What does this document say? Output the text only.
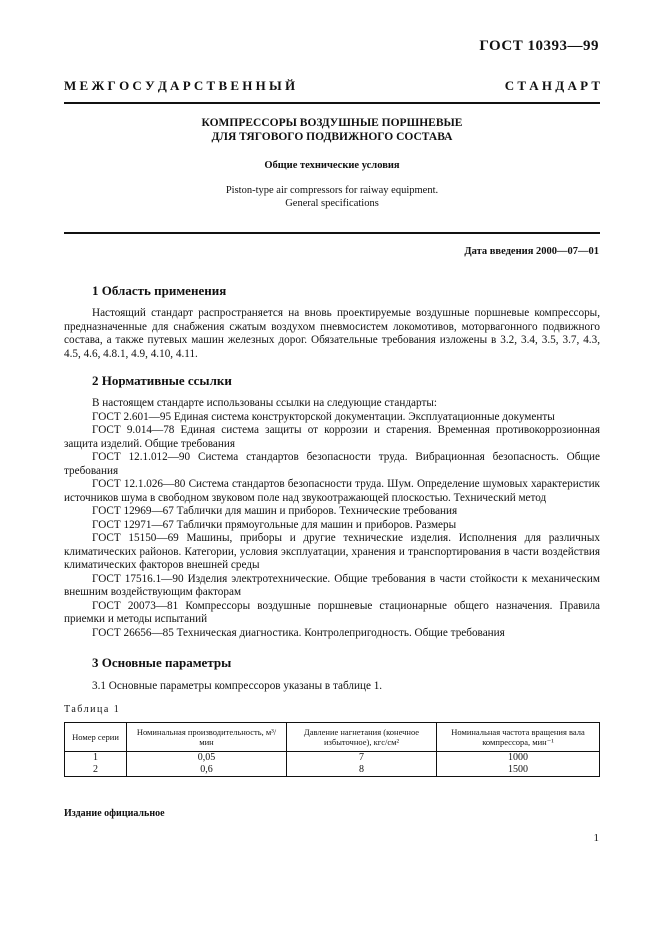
ГОСТ 10393—99
М Е Ж Г О С У Д А Р С Т В Е Н Н Ы Й	С Т А Н Д А Р Т
КОМПРЕССОРЫ ВОЗДУШНЫЕ ПОРШНЕВЫЕ
ДЛЯ ТЯГОВОГО ПОДВИЖНОГО СОСТАВА
Общие технические условия
Piston-type air compressors for raiway equipment.
General specifications
Дата введения 2000—07—01
1 Область применения

Настоящий стандарт распространяется на вновь проектируемые воздушные поршневые компрессоры, предназначенные для снабжения сжатым воздухом пневмосистем локомотивов, моторвагонного подвижного состава, а также путевых машин железных дорог. Обязательные требования изложены в 3.2, 3.4, 3.5, 3.7, 4.3, 4.5, 4.6, 4.8.1, 4.9, 4.10, 4.11.

2 Нормативные ссылки

В настоящем стандарте использованы ссылки на следующие стандарты:

ГОСТ 2.601—95 Единая система конструкторской документации. Эксплуатационные документы

ГОСТ 9.014—78 Единая система защиты от коррозии и старения. Временная противокоррозионная защита изделий. Общие требования

ГОСТ 12.1.012—90 Система стандартов безопасности труда. Вибрационная безопасность. Общие требования

ГОСТ 12.1.026—80 Система стандартов безопасности труда. Шум. Определение шумовых характеристик источников шума в свободном звуковом поле над звукоотражающей плоскостью. Технический метод

ГОСТ 12969—67 Таблички для машин и приборов. Технические требования

ГОСТ 12971—67 Таблички прямоугольные для машин и приборов. Размеры

ГОСТ 15150—69 Машины, приборы и другие технические изделия. Исполнения для различных климатических районов. Категории, условия эксплуатации, хранения и транспортирования в части воздействия климатических факторов внешней среды

ГОСТ 17516.1—90 Изделия электротехнические. Общие требования в части стойкости к механическим внешним воздействующим факторам

ГОСТ 20073—81 Компрессоры воздушные поршневые стационарные общего назначения. Правила приемки и методы испытаний

ГОСТ 26656—85 Техническая диагностика. Контролепригодность. Общие требования

3 Основные параметры

3.1 Основные параметры компрессоров указаны в таблице 1.

Таблица 1
Номер серии	Номинальная производительность, м³/мин	Давление нагнетания (конечное избыточное), кгс/см²	Номинальная частота вращения вала компрессора, мин⁻¹
1	0,05	7	1000
2	0,6	8	1500
Издание официальное
1
